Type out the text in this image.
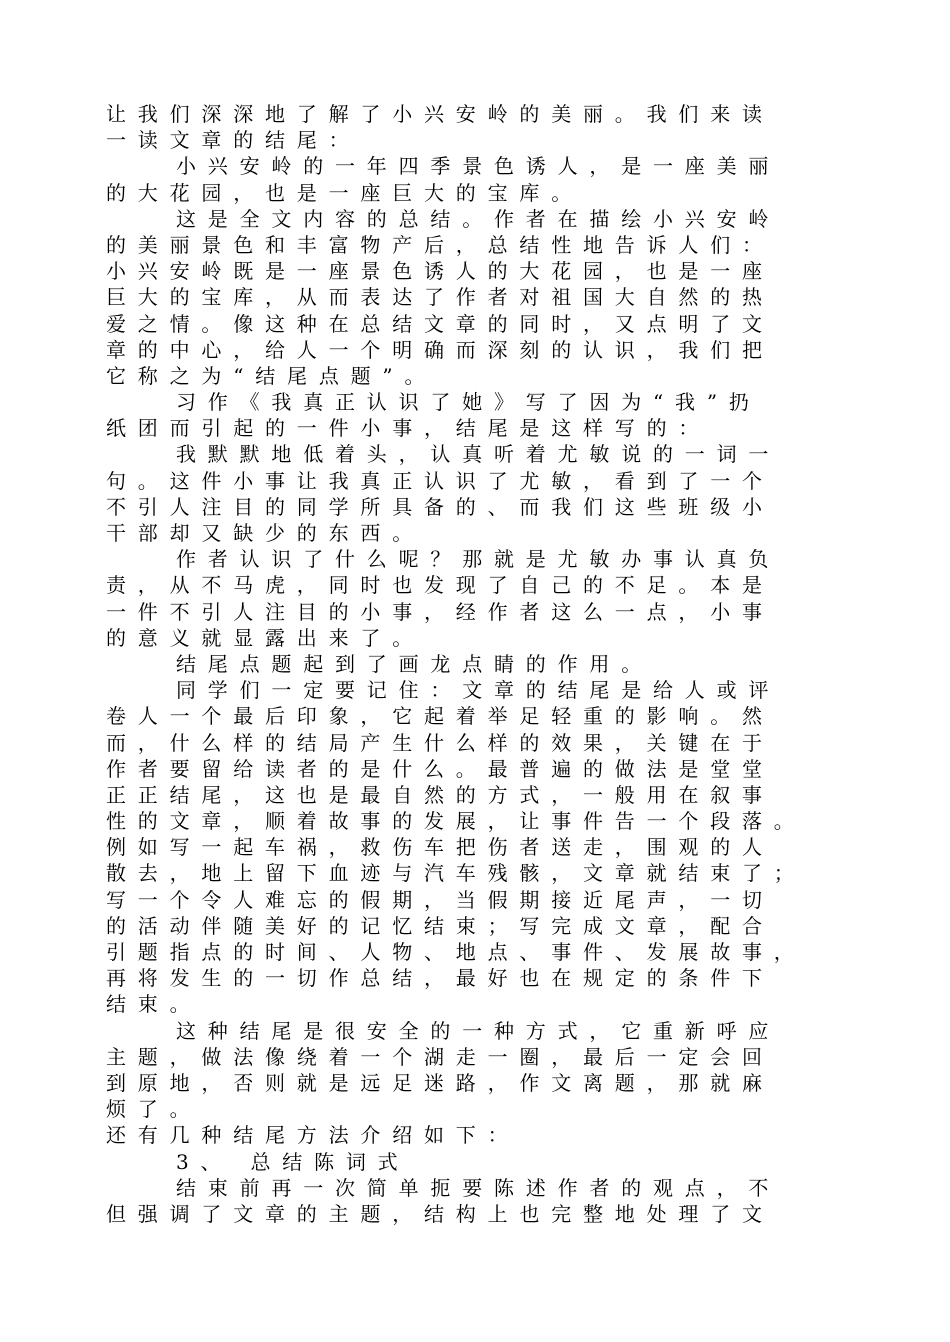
让我们深深地了解了小兴安岭的美丽。我们来读
一读文章的结尾：
小兴安岭的一年四季景色诱人，是一座美丽
的大花园，也是一座巨大的宝库。
这是全文内容的总结。作者在描绘小兴安岭
的美丽景色和丰富物产后，总结性地告诉人们：
小兴安岭既是一座景色诱人的大花园，也是一座
巨大的宝库，从而表达了作者对祖国大自然的热
爱之情。像这种在总结文章的同时，又点明了文
章的中心，给人一个明确而深刻的认识，我们把
它称之为“结尾点题”。
习作《我真正认识了她》写了因为“我”扔
纸团而引起的一件小事，结尾是这样写的：
我默默地低着头，认真听着尤敏说的一词一
句。这件小事让我真正认识了尤敏，看到了一个
不引人注目的同学所具备的、而我们这些班级小
干部却又缺少的东西。
作者认识了什么呢？那就是尤敏办事认真负
责，从不马虎，同时也发现了自己的不足。本是
一件不引人注目的小事，经作者这么一点，小事
的意义就显露出来了。
结尾点题起到了画龙点睛的作用。
同学们一定要记住：文章的结尾是给人或评
卷人一个最后印象，它起着举足轻重的影响。然
而，什么样的结局产生什么样的效果，关键在于
作者要留给读者的是什么。最普遍的做法是堂堂
正正结尾，这也是最自然的方式，一般用在叙事
性的文章，顺着故事的发展，让事件告一个段落。
例如写一起车祸，救伤车把伤者送走，围观的人
散去，地上留下血迹与汽车残骸，文章就结束了；
写一个令人难忘的假期，当假期接近尾声，一切
的活动伴随美好的记忆结束；写完成文章，配合
引题指点的时间、人物、地点、事件、发展故事，
再将发生的一切作总结，最好也在规定的条件下
结束。
这种结尾是很安全的一种方式，它重新呼应
主题，做法像绕着一个湖走一圈，最后一定会回
到原地，否则就是远足迷路，作文离题，那就麻
烦了。
还有几种结尾方法介绍如下：
3、 总结陈词式
结束前再一次简单扼要陈述作者的观点，不
但强调了文章的主题，结构上也完整地处理了文
